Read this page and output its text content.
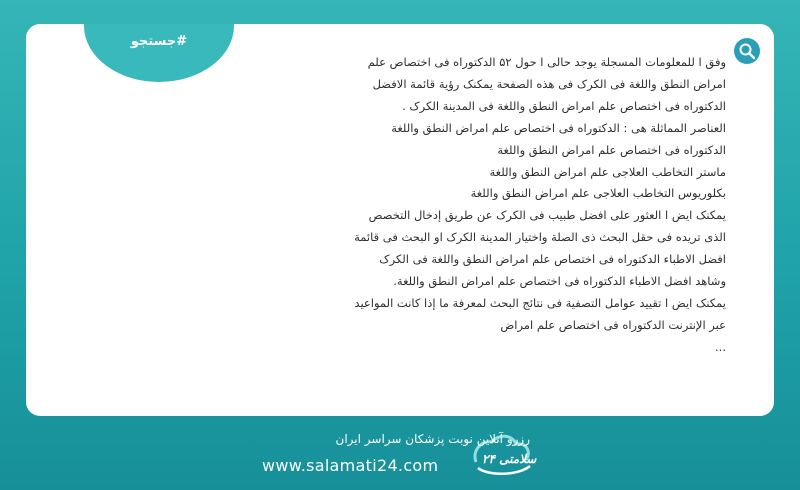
#جستجو

وفق ا للمعلومات المسجلة یوجد حالی ا حول ۵۲ الدکتوراه فی اختصاص علم امراض النطق واللغة فی الکرک فی هذه الصفحة یمکنک رؤیة قائمة الافضل الدکتوراه فی اختصاص علم امراض النطق واللغة فی المدینة الکرک .

العناصر المماثلة هی : الدکتوراه فی اختصاص علم امراض النطق واللغة

الدکتوراه فی اختصاص علم امراض النطق واللغة

ماستر التخاطب العلاجی علم امراض النطق واللغة

بکلوریوس التخاطب العلاجی علم امراض النطق واللغة

یمکنک ایض ا العثور علی افضل طبیب فی الکرک عن طریق إدخال التخصص الذی تریده فی حقل البحث ذی الصلة واختیار المدینة الکرک او البحث فی قائمة افضل الاطباء الدکتوراه فی اختصاص علم امراض النطق واللغة فی الکرک وشاهد افضل الاطباء الدکتوراه فی اختصاص علم امراض النطق واللغة.

یمکنک ایض ا تقیید عوامل التصفیة فی نتائج البحث لمعرفة ما إذا کانت المواعید عبر الإنترنت الدکتوراه فی اختصاص علم امراض

...

سلامتی ۲۴
رزرو آنلاین نوبت پزشکان سراسر ایران
www.salamati24.com
